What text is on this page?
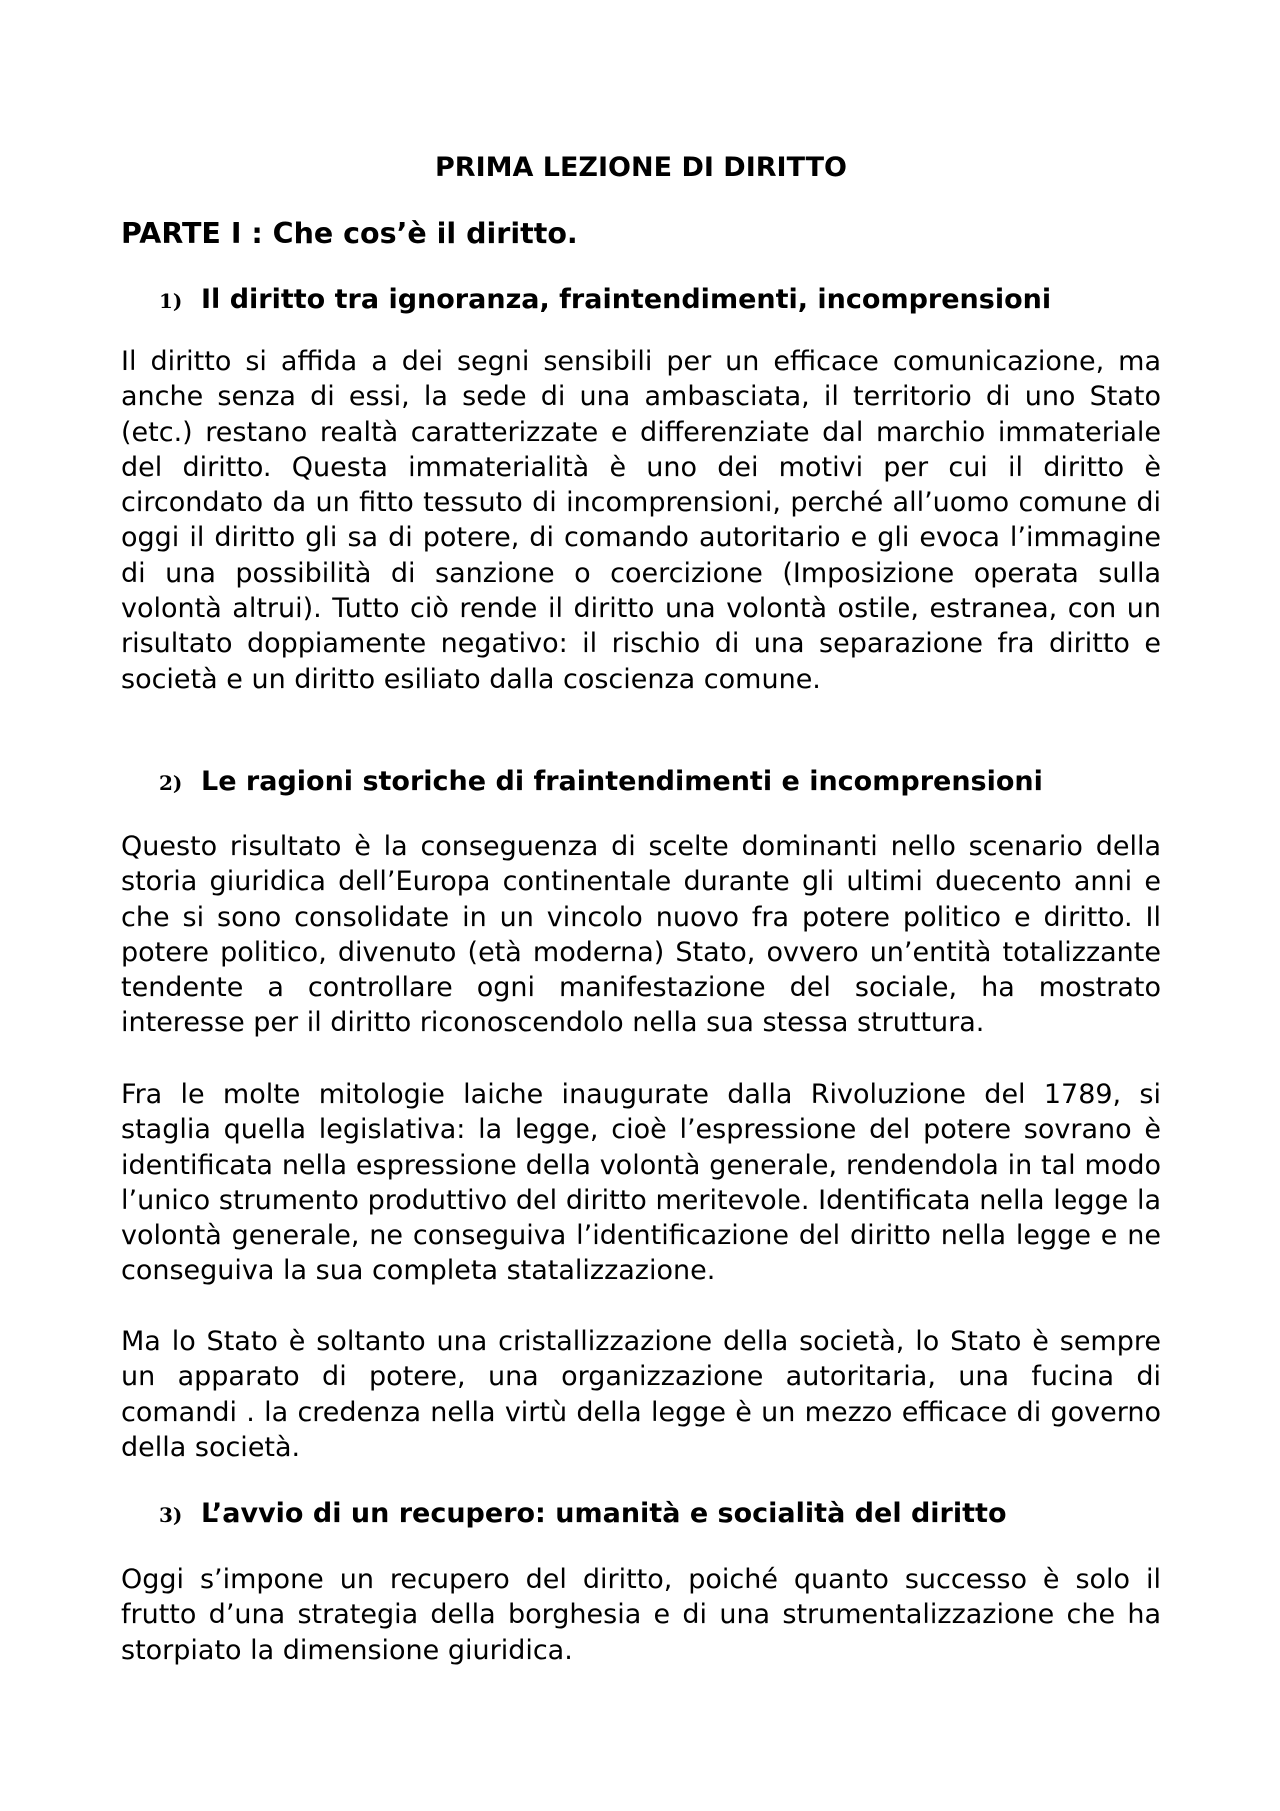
PRIMA LEZIONE DI DIRITTO
PARTE I : Che cos’è il diritto.
1) Il diritto tra ignoranza, fraintendimenti, incomprensioni

Il diritto si affida a dei segni sensibili per un efficace comunicazione, ma anche senza di essi, la sede di una ambasciata, il territorio di uno Stato (etc.) restano realtà caratterizzate e differenziate dal marchio immateriale del diritto. Questa immaterialità è uno dei motivi per cui il diritto è circondato da un fitto tessuto di incomprensioni, perché all’uomo comune di oggi il diritto gli sa di potere, di comando autoritario e gli evoca l’immagine di una possibilità di sanzione o coercizione (Imposizione operata sulla volontà altrui). Tutto ciò rende il diritto una volontà ostile, estranea, con un risultato doppiamente negativo: il rischio di una separazione fra diritto e società e un diritto esiliato dalla coscienza comune.

2) Le ragioni storiche di fraintendimenti e incomprensioni

Questo risultato è la conseguenza di scelte dominanti nello scenario della storia giuridica dell’Europa continentale durante gli ultimi duecento anni e che si sono consolidate in un vincolo nuovo fra potere politico e diritto. Il potere politico, divenuto (età moderna) Stato, ovvero un’entità totalizzante tendente a controllare ogni manifestazione del sociale, ha mostrato interesse per il diritto riconoscendolo nella sua stessa struttura.

Fra le molte mitologie laiche inaugurate dalla Rivoluzione del 1789, si staglia quella legislativa: la legge, cioè l’espressione del potere sovrano è identificata nella espressione della volontà generale, rendendola in tal modo l’unico strumento produttivo del diritto meritevole. Identificata nella legge la volontà generale, ne conseguiva l’identificazione del diritto nella legge e ne conseguiva la sua completa statalizzazione.

Ma lo Stato è soltanto una cristallizzazione della società, lo Stato è sempre un apparato di potere, una organizzazione autoritaria, una fucina di comandi . la credenza nella virtù della legge è un mezzo efficace di governo della società.

3) L’avvio di un recupero: umanità e socialità del diritto

Oggi s’impone un recupero del diritto, poiché quanto successo è solo il frutto d’una strategia della borghesia e di una strumentalizzazione che ha storpiato la dimensione giuridica.
